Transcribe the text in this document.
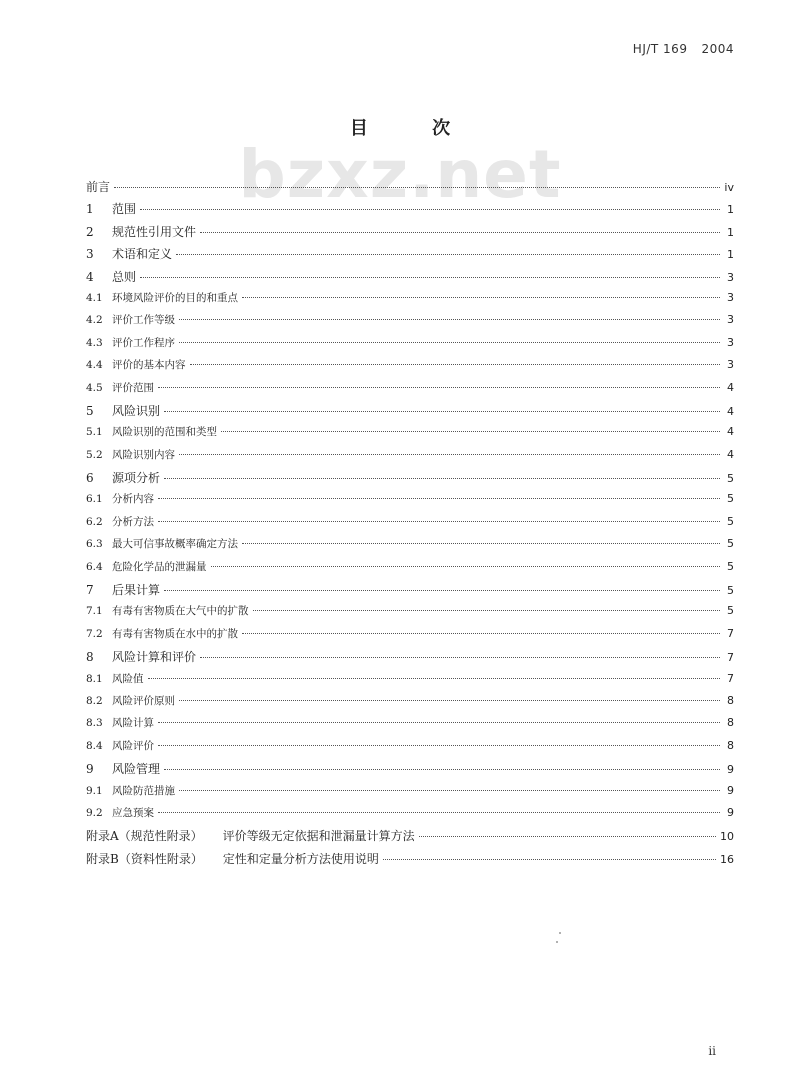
HJ/T 169 2004
bzxz.net
目	次
前言	iv
1	范围	1
2	规范性引用文件	1
3	术语和定义	1
4	总则	3
4.1 环境风险评价的目的和重点	3
4.2 评价工作等级	3
4.3 评价工作程序	3
4.4 评价的基本内容	3
4.5 评价范围	4
5	风险识别	4
5.1 风险识别的范围和类型	4
5.2 风险识别内容	4
6	源项分析	5
6.1 分析内容	5
6.2 分析方法	5
6.3 最大可信事故概率确定方法	5
6.4 危险化学品的泄漏量	5
7	后果计算	5
7.1 有毒有害物质在大气中的扩散	5
7.2 有毒有害物质在水中的扩散	7
8	风险计算和评价	7
8.1 风险值	7
8.2 风险评价原则	8
8.3 风险计算	8
8.4 风险评价	8
9	风险管理	9
9.1 风险防范措施	9
9.2 应急预案	9
附录A（规范性附录） 评价等级无定依据和泄漏量计算方法	10
附录B（资料性附录） 定性和定量分析方法使用说明	16
ii
